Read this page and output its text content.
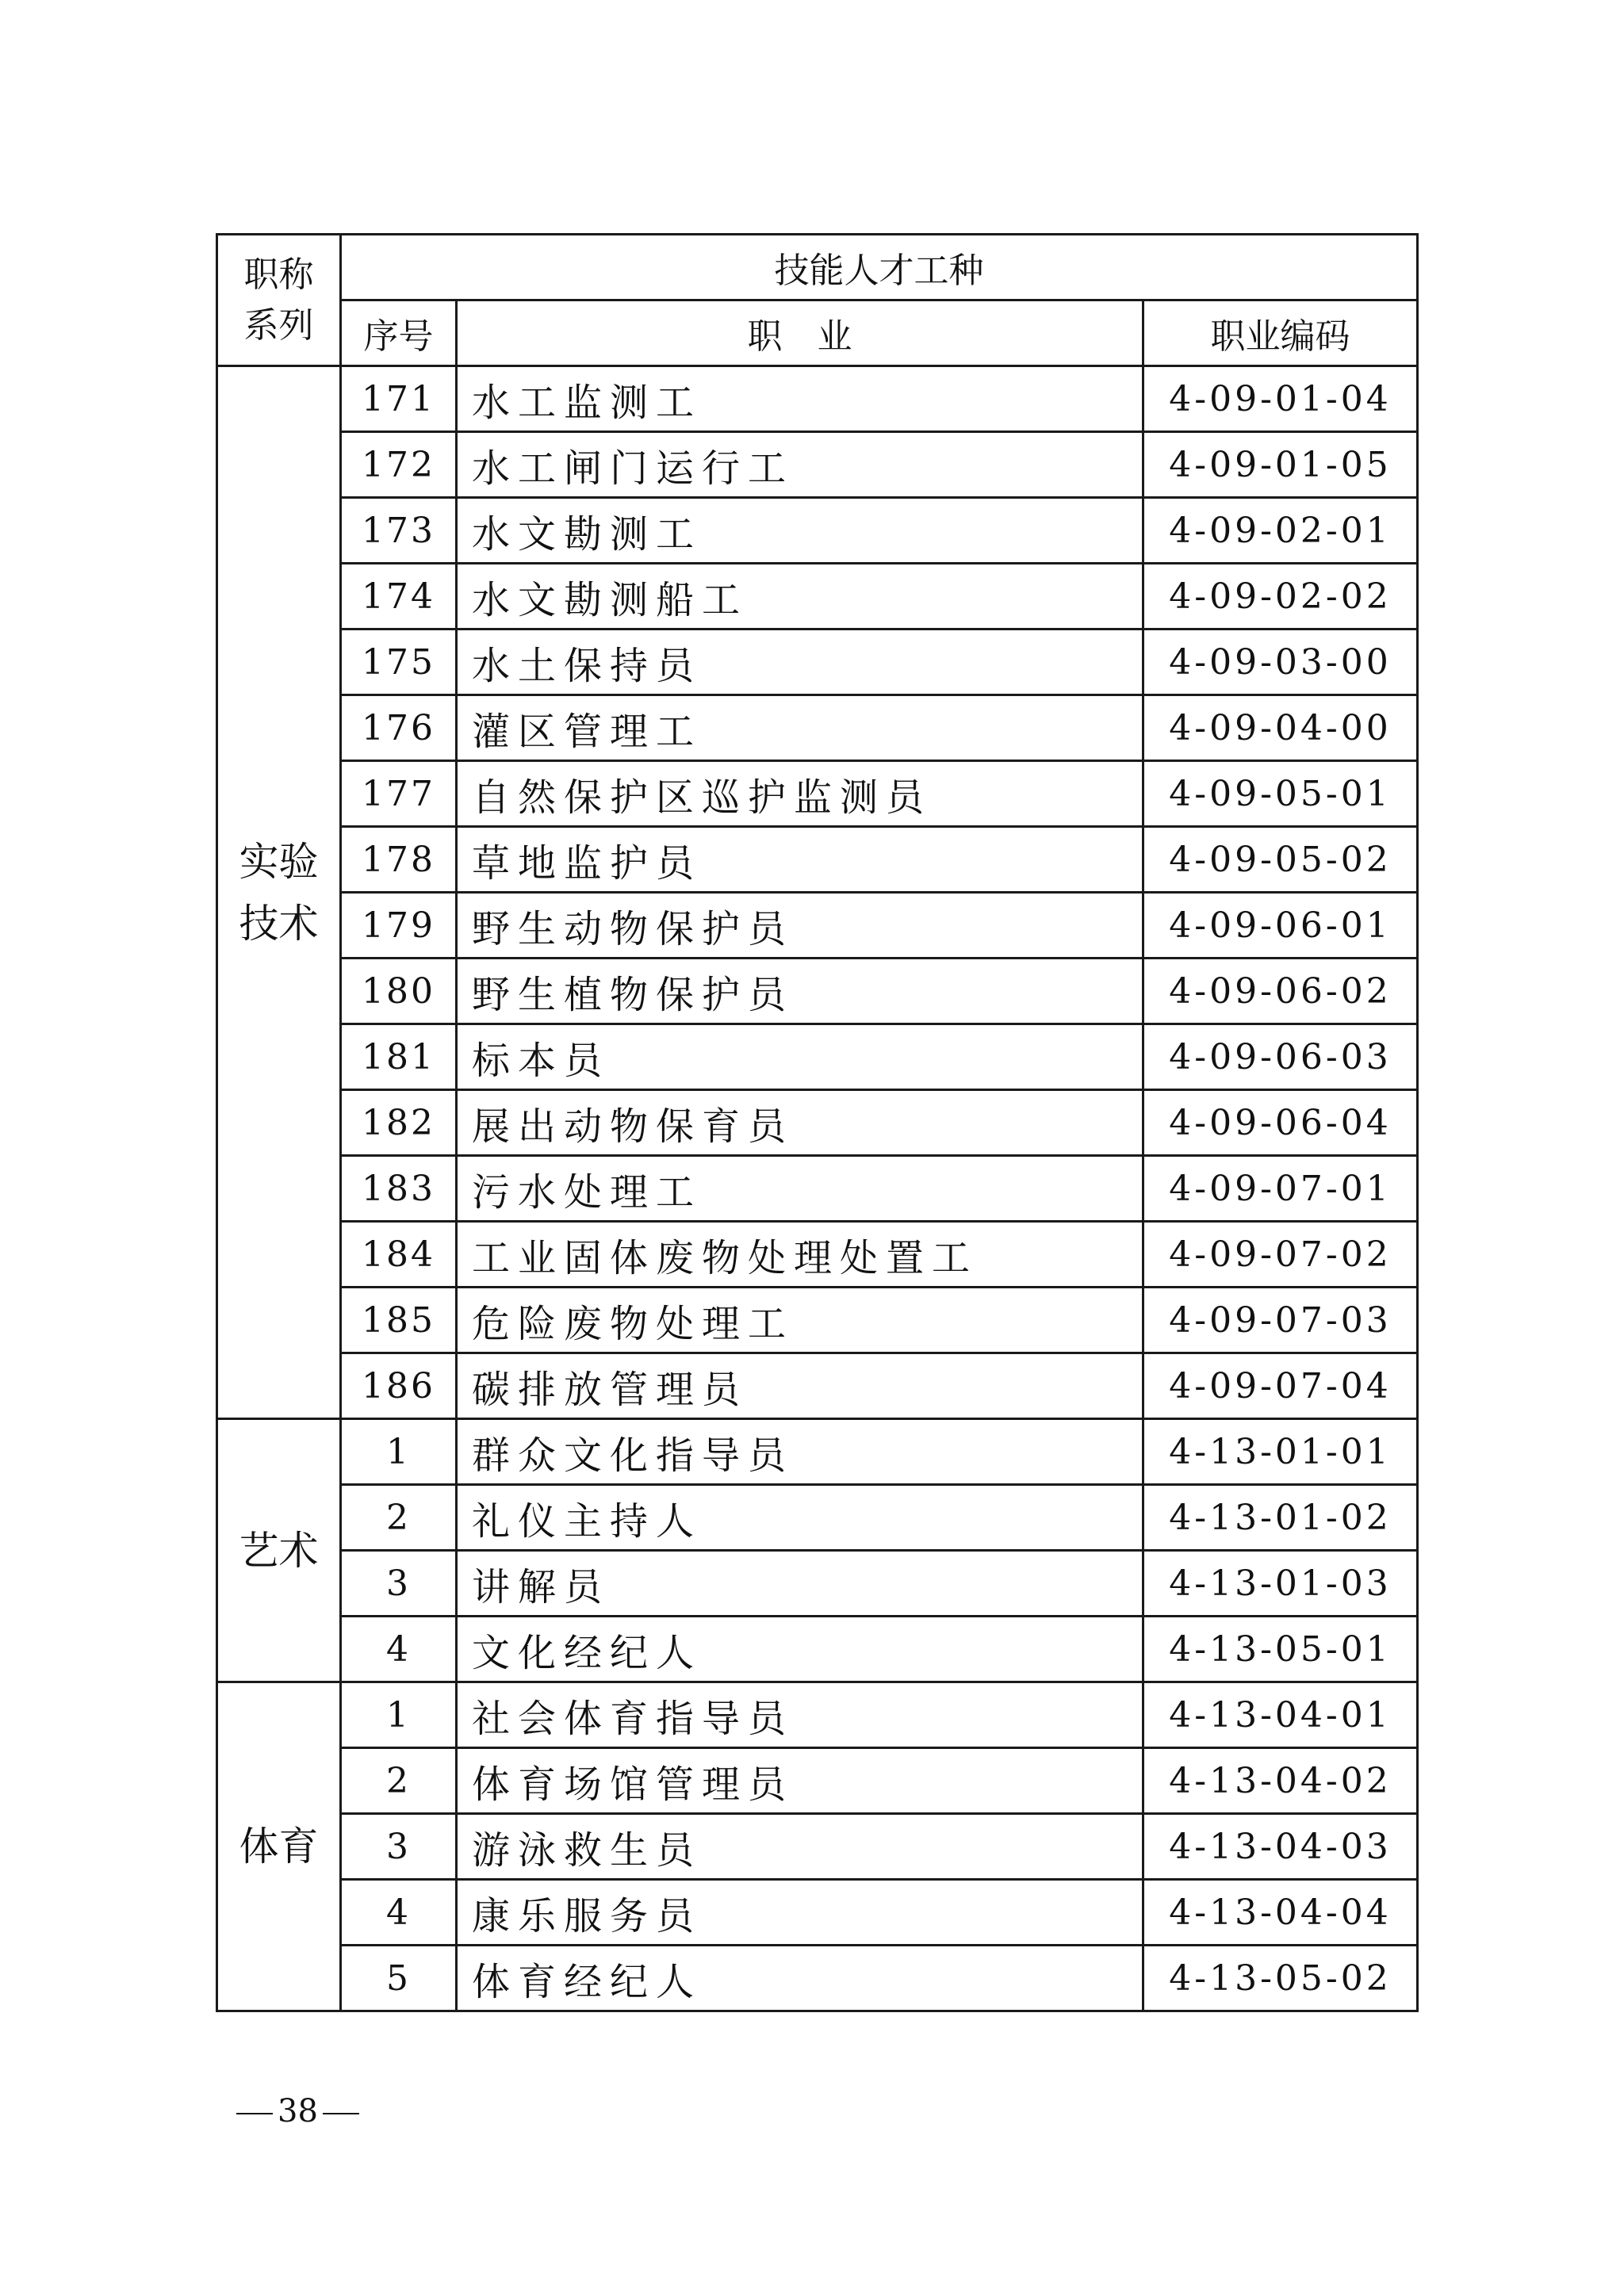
职称
系列	技能人才工种		
	序号	职　业	职业编码
实验
技术	171	水工监测工	4-09-01-04
	172	水工闸门运行工	4-09-01-05
	173	水文勘测工	4-09-02-01
	174	水文勘测船工	4-09-02-02
	175	水土保持员	4-09-03-00
	176	灌区管理工	4-09-04-00
	177	自然保护区巡护监测员	4-09-05-01
	178	草地监护员	4-09-05-02
	179	野生动物保护员	4-09-06-01
	180	野生植物保护员	4-09-06-02
	181	标本员	4-09-06-03
	182	展出动物保育员	4-09-06-04
	183	污水处理工	4-09-07-01
	184	工业固体废物处理处置工	4-09-07-02
	185	危险废物处理工	4-09-07-03
	186	碳排放管理员	4-09-07-04
艺术	1	群众文化指导员	4-13-01-01
	2	礼仪主持人	4-13-01-02
	3	讲解员	4-13-01-03
	4	文化经纪人	4-13-05-01
体育	1	社会体育指导员	4-13-04-01
	2	体育场馆管理员	4-13-04-02
	3	游泳救生员	4-13-04-03
	4	康乐服务员	4-13-04-04
	5	体育经纪人	4-13-05-02
38
